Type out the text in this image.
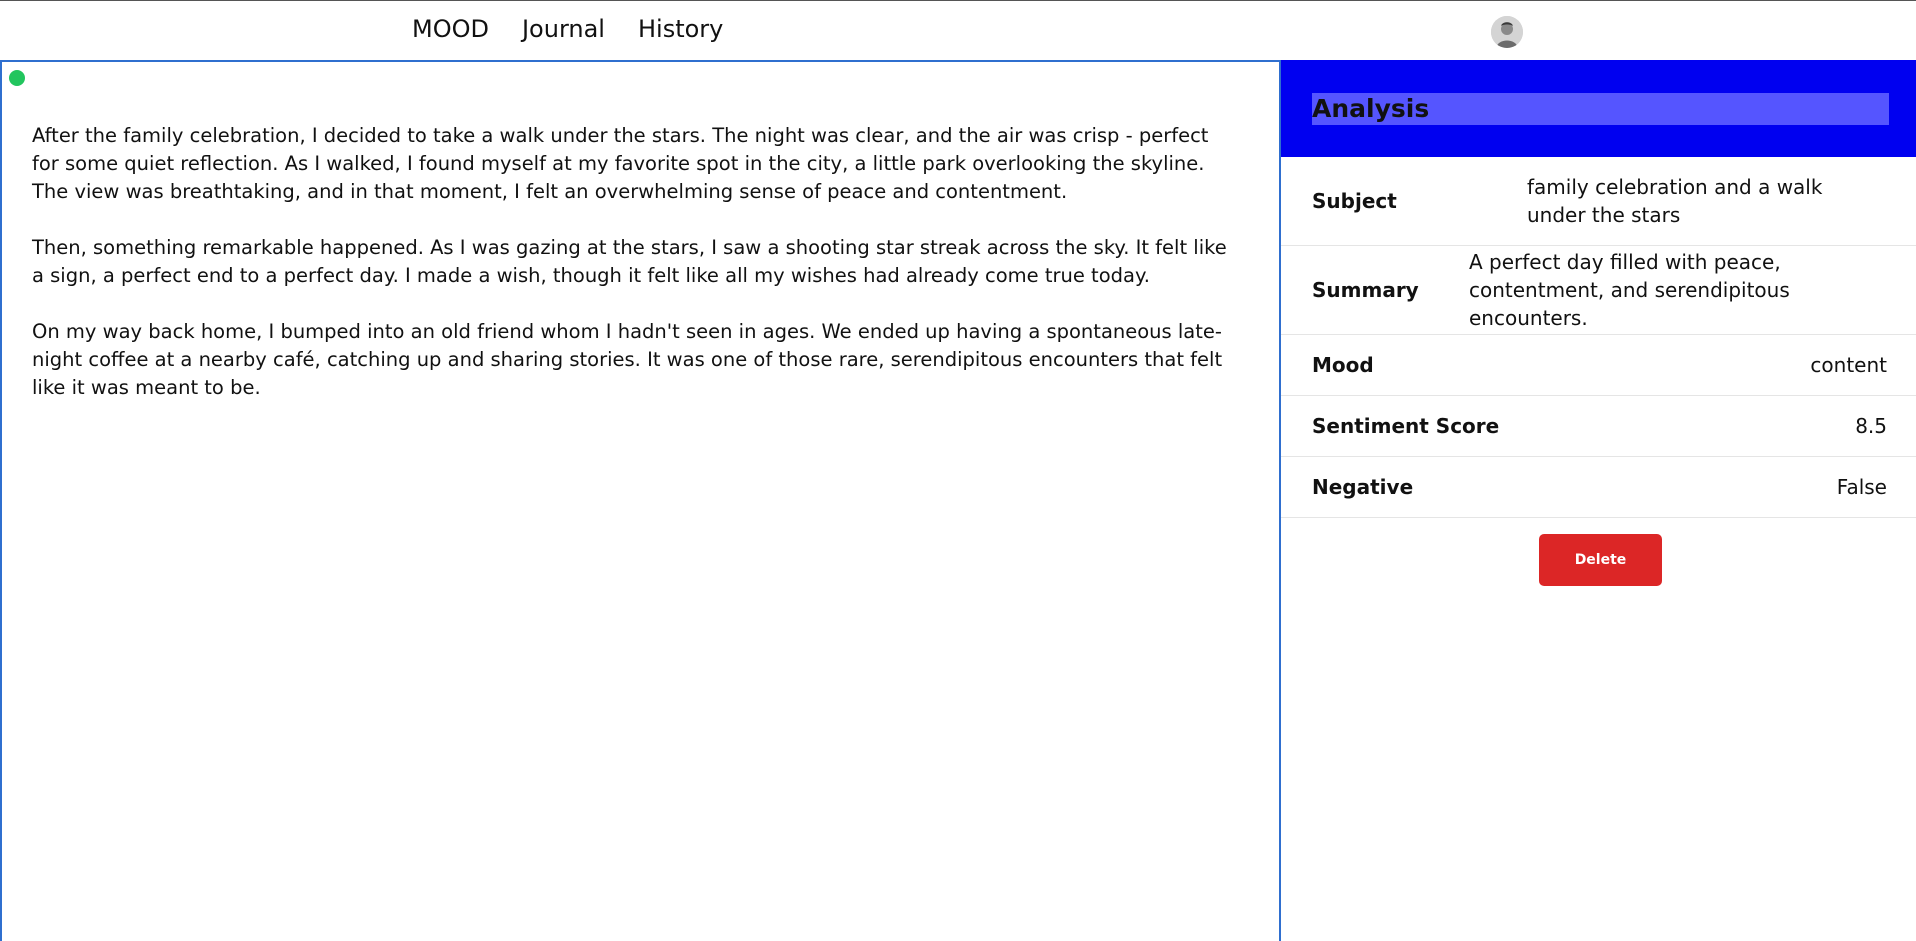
MOOD Journal History

After the family celebration, I decided to take a walk under the stars. The night was clear, and the air was crisp - perfect for some quiet reflection. As I walked, I found myself at my favorite spot in the city, a little park overlooking the skyline. The view was breathtaking, and in that moment, I felt an overwhelming sense of peace and contentment.

Then, something remarkable happened. As I was gazing at the stars, I saw a shooting star streak across the sky. It felt like a sign, a perfect end to a perfect day. I made a wish, though it felt like all my wishes had already come true today.

On my way back home, I bumped into an old friend whom I hadn't seen in ages. We ended up having a spontaneous late-night coffee at a nearby café, catching up and sharing stories. It was one of those rare, serendipitous encounters that felt like it was meant to be.

Analysis
Subject
family celebration and a walk under the stars
Summary
A perfect day filled with peace, contentment, and serendipitous encounters.
Mood	content
Sentiment Score	8.5
Negative	False
Delete
